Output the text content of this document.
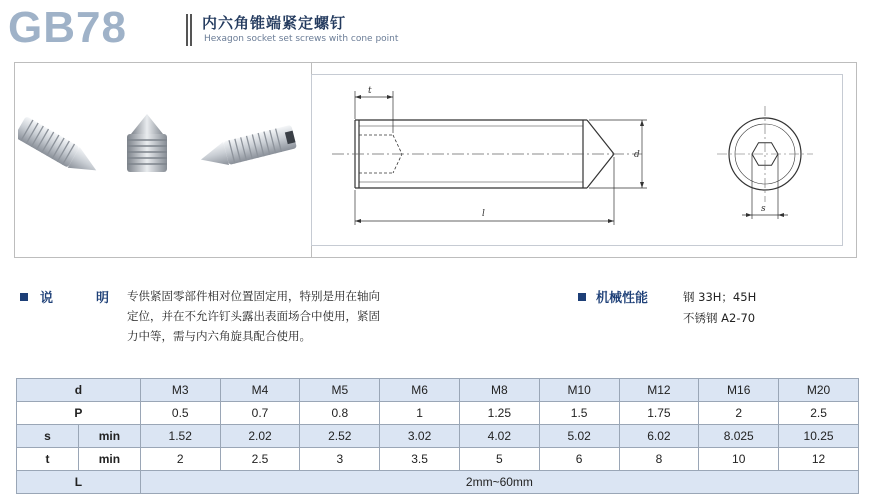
GB78	内六角锥端紧定螺钉
Hexagon socket set screws with cone point
t
d
l	s
说	明 专供紧固零部件相对位置固定用，特别是用在轴向
定位，并在不允许钉头露出表面场合中使用，紧固
力中等，需与内六角旋具配合使用。
机械性能	钢 33H；45H
不锈钢 A2-70
d		M3	M4	M5	M6	M8	M10	M12	M16	M20
P		0.5	0.7	0.8	1	1.25	1.5	1.75	2	2.5
s	min	1.52	2.02	2.52	3.02	4.02	5.02	6.02	8.025	10.25
t	min	2	2.5	3	3.5	5	6	8	10	12
L		2mm~60mm								
